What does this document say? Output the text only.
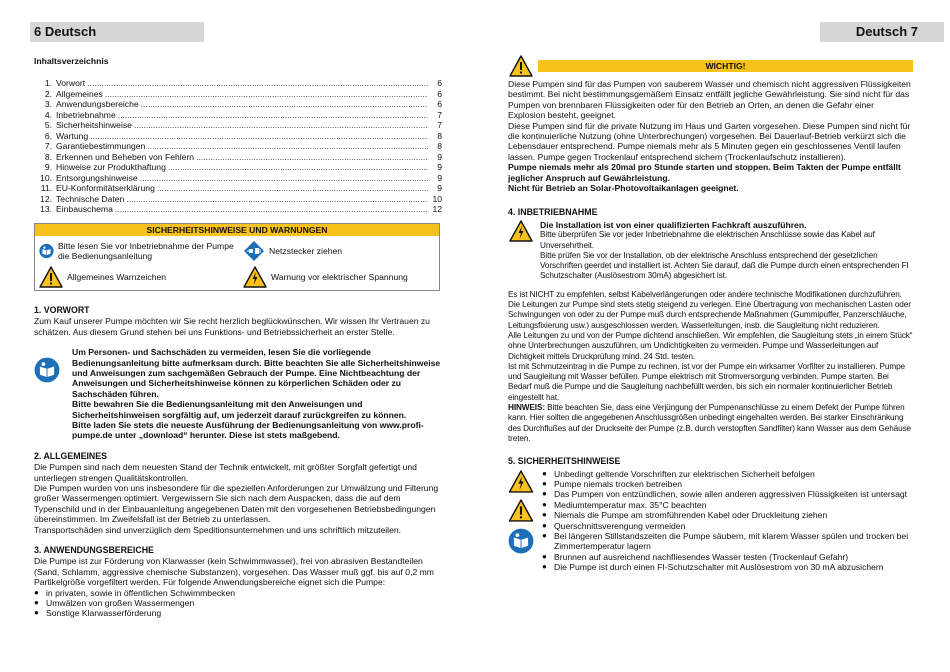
6 Deutsch	Deutsch 7
Inhaltsverzeichnis
1. Vorwort .....	6
2. Allgemeines .....	6
3. Anwendungsbereiche .....	6
4. Inbetriebnahme .....	7
5. Sicherheitshinweise .....	7
6. Wartung .....	8
7. Garantiebestimmungen .....	8
8. Erkennen und Beheben von Fehlern .....	9
9. Hinweise zur Produkthaftung .....	9
10. Entsorgungshinweise .....	9
11. EU-Konformitätserklärung .....	9
12. Technische Daten .....	10
13. Einbauschema .....	12
SICHERHEITSHINWEISE UND WARNUNGEN
Bitte lesen Sie vor Inbetriebnahme der Pumpe die Bedienungsanleitung
Netzstecker ziehen
Allgemeines Warnzeichen	Warnung vor elektrischer Spannung
1. VORWORT
Zum Kauf unserer Pumpe möchten wir Sie recht herzlich beglückwünschen. Wir wissen Ihr Vertrauen zu schätzen. Aus diesem Grund stehen bei uns Funktions- und Betriebssicherheit an erster Stelle.
Um Personen- und Sachschäden zu vermeiden, lesen Sie die vorliegende Bedienungsanleitung bitte aufmerksam durch. Bitte beachten Sie alle Sicherheitshinweise und Anweisungen zum sachgemäßen Gebrauch der Pumpe. Eine Nichtbeachtung der Anweisungen und Sicherheitshinweise können zu körperlichen Schäden oder zu Sachschäden führen.
Bitte bewahren Sie die Bedienungsanleitung mit den Anweisungen und Sicherheitshinweisen sorgfältig auf, um jederzeit darauf zurückgreifen zu können.
Bitte laden Sie stets die neueste Ausführung der Bedienungsanleitung von www.profi-pumpe.de unter „download“ herunter. Diese ist stets maßgebend.
2. ALLGEMEINES
Die Pumpen sind nach dem neuesten Stand der Technik entwickelt, mit größter Sorgfalt gefertigt und unterliegen strengen Qualitätskontrollen.
Die Pumpen wurden von uns insbesondere für die speziellen Anforderungen zur Umwälzung und Filterung großer Wassermengen optimiert. Vergewissern Sie sich nach dem Auspacken, dass die auf dem Typenschild und in der Einbauanleitung angegebenen Daten mit den vorgesehenen Betriebsbedingungen übereinstimmen. Im Zweifelsfall ist der Betrieb zu unterlassen.
Transportschäden sind unverzüglich dem Speditionsunternehmen und uns schriftlich mitzuteilen.
3. ANWENDUNGSBEREICHE
Die Pumpe ist zur Förderung von Klarwasser (kein Schwimmwasser), frei von abrasiven Bestandteilen (Sand, Schlamm, aggressive chemische Substanzen), vorgesehen. Das Wasser muß ggf. bis auf 0,2 mm Partikelgröße vorgefiltert werden. Für folgende Anwendungsbereiche eignet sich die Pumpe:
● in privaten, sowie in öffentlichen Schwimmbecken
● Umwälzen von großen Wassermengen
● Sonstige Klarwasserförderung
WICHTIG!
Diese Pumpen sind für das Pumpen von sauberem Wasser und chemisch nicht aggressiven Flüssigkeiten bestimmt. Bei nicht bestimmungsgemäßem Einsatz entfällt jegliche Gewährleistung. Sie sind nicht für das Pumpen von brennbaren Flüssigkeiten oder für den Betrieb an Orten, an denen die Gefahr einer Explosion besteht, geeignet.
Diese Pumpen sind für die private Nutzung im Haus und Garten vorgesehen. Diese Pumpen sind nicht für die kontinuierliche Nutzung (ohne Unterbrechungen) vorgesehen. Bei Dauerlauf-Betrieb verkürzt sich die Lebensdauer entsprechend. Pumpe niemals mehr als 5 Minuten gegen ein geschlossenes Ventil laufen lassen. Pumpe gegen Trockenlauf entsprechend sichern (Trockenlaufschutz installieren).
Pumpe niemals mehr als 20mal pro Stunde starten und stoppen. Beim Takten der Pumpe entfällt jeglicher Anspruch auf Gewährleistung.
Nicht für Betrieb an Solar-Photovoltaikanlagen geeignet.
4. INBETRIEBNAHME
Die Installation ist von einer qualifizierten Fachkraft auszuführen.
Bitte überprüfen Sie vor jeder Inbetriebnahme die elektrischen Anschlüsse sowie das Kabel auf Unversehrtheit.
Bitte prüfen Sie vor der Installation, ob der elektrische Anschluss entsprechend der gesetzlichen Vorschriften geerdet und installiert ist. Achten Sie darauf, daß die Pumpe durch einen entsprechenden FI Schutzschalter (Auslösestrom 30mA) abgesichert ist.
Es ist NICHT zu empfehlen, selbst Kabelverlängerungen oder andere technische Modifikationen durchzuführen. Die Leitungen zur Pumpe sind stets stetig steigend zu verlegen. Eine Übertragung von mechanischen Lasten oder Schwingungen von oder zu der Pumpe muß durch entsprechende Maßnahmen (Gummipuffer, Panzerschläuche, Leitungsfixierung usw.) ausgeschlossen werden. Wasserleitungen, insb. die Saugleitung nicht reduzieren.
Alle Leitungen zu und von der Pumpe dichtend anschließen. Wir empfehlen, die Saugleitung stets „in einem Stück“ ohne Unterbrechungen auszuführen, um Undichtigkeiten zu vermeiden. Pumpe und Wasserleitungen auf Dichtigkeit mittels Druckprüfung mind. 24 Std. testen.
Ist mit Schmutzeintrag in die Pumpe zu rechnen, ist vor der Pumpe ein wirksamer Vorfilter zu installieren. Pumpe und Saugleitung mit Wasser befüllen. Pumpe elektrisch mit Stromversorgung verbinden. Pumpe starten. Bei Bedarf muß die Pumpe und die Saugleitung nachbefüllt werden, bis sich ein normaler kontinuierlicher Betrieb eingestellt hat.
HINWEIS: Bitte beachten Sie, dass eine Verjüngung der Pumpenanschlüsse zu einem Defekt der Pumpe führen kann. Hier sollten die angegebenen Anschlussgrößen unbedingt eingehalten werden. Bei starker Einschränkung des Durchflußes auf der Druckseite der Pumpe (z.B. durch verstopften Sandfilter) kann Wasser aus dem Gehäuse treten.
5. SICHERHEITSHINWEISE
● Unbedingt geltende Vorschriften zur elektrischen Sicherheit befolgen
● Pumpe niemals trocken betreiben
● Das Pumpen von entzündlichen, sowie allen anderen aggressiven Flüssigkeiten ist untersagt
● Mediumtemperatur max. 35°C beachten
● Niemals die Pumpe am stromführenden Kabel oder Druckleitung ziehen
● Querschnittsverengung vermeiden
● Bei längeren Stillstandszeiten die Pumpe säubern, mit klarem Wasser spülen und trocken bei Zimmertemperatur lagern
● Brunnen auf ausreichend nachfliesendes Wasser testen (Trockenlauf Gefahr)
● Die Pumpe ist durch einen FI-Schutzschalter mit Auslösestrom von 30 mA abzusichern
